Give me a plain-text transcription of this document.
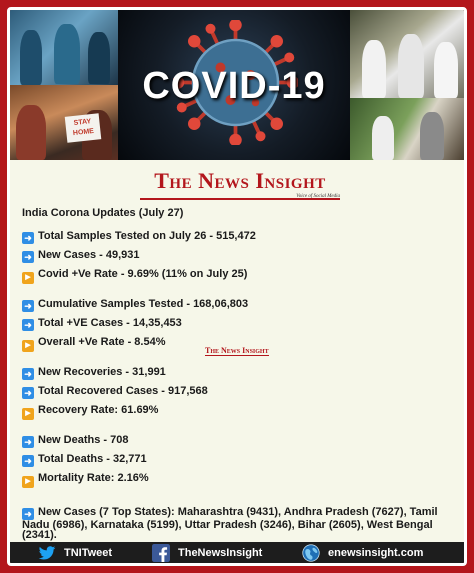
STAY HOME
COVID-19
The News Insight
Voice of Social Media
India Corona Updates (July 27)
➜ Total Samples Tested on July 26 - 515,472
➜ New Cases - 49,931
▶ Covid +Ve Rate - 9.69% (11% on July 25)
➜ Cumulative Samples Tested - 168,06,803
➜ Total +VE Cases - 14,35,453
▶ Overall +Ve Rate - 8.54%
➜ New Recoveries - 31,991
➜ Total Recovered Cases - 917,568
▶ Recovery Rate: 61.69%
➜ New Deaths - 708
➜ Total Deaths - 32,771
▶ Mortality Rate: 2.16%
The News Insight
➜ New Cases (7 Top States): Maharashtra (9431), Andhra Pradesh (7627), Tamil Nadu (6986), Karnataka (5199), Uttar Pradesh (3246), Bihar (2605), West Bengal (2341).
TNITweet	TheNewsInsight	enewsinsight.com
